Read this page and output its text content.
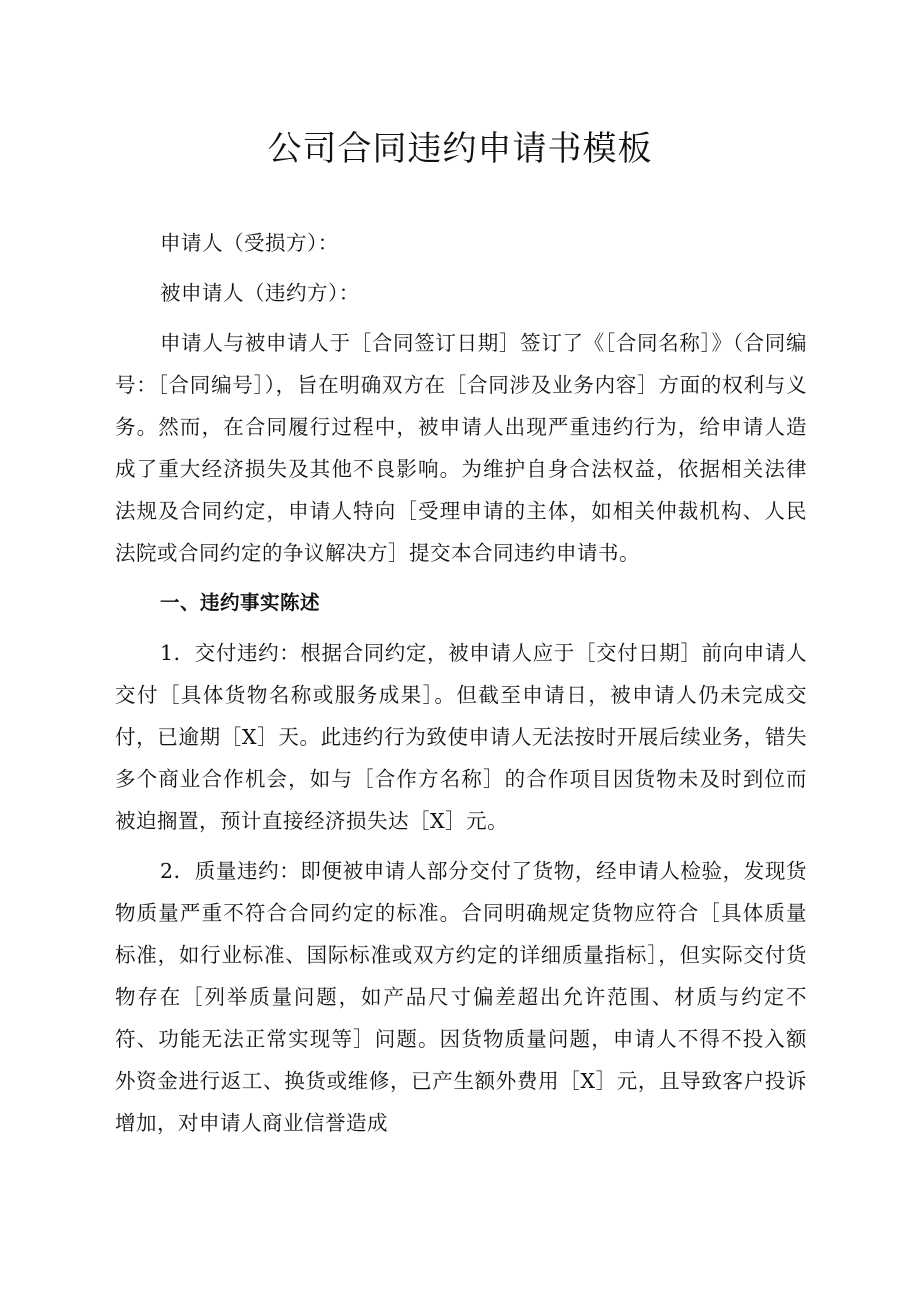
公司合同违约申请书模板

申请人（受损方）：

被申请人（违约方）：

申请人与被申请人于［合同签订日期］签订了《［合同名称］》（合同编号：［合同编号］），旨在明确双方在［合同涉及业务内容］方面的权利与义务。然而，在合同履行过程中，被申请人出现严重违约行为，给申请人造成了重大经济损失及其他不良影响。为维护自身合法权益，依据相关法律法规及合同约定，申请人特向［受理申请的主体，如相关仲裁机构、人民法院或合同约定的争议解决方］提交本合同违约申请书。

一、违约事实陈述

1．交付违约：根据合同约定，被申请人应于［交付日期］前向申请人交付［具体货物名称或服务成果］。但截至申请日，被申请人仍未完成交付，已逾期［X］天。此违约行为致使申请人无法按时开展后续业务，错失多个商业合作机会，如与［合作方名称］的合作项目因货物未及时到位而被迫搁置，预计直接经济损失达［X］元。

2．质量违约：即便被申请人部分交付了货物，经申请人检验，发现货物质量严重不符合合同约定的标准。合同明确规定货物应符合［具体质量标准，如行业标准、国际标准或双方约定的详细质量指标］，但实际交付货物存在［列举质量问题，如产品尺寸偏差超出允许范围、材质与约定不符、功能无法正常实现等］问题。因货物质量问题，申请人不得不投入额外资金进行返工、换货或维修，已产生额外费用［X］元，且导致客户投诉增加，对申请人商业信誉造成
